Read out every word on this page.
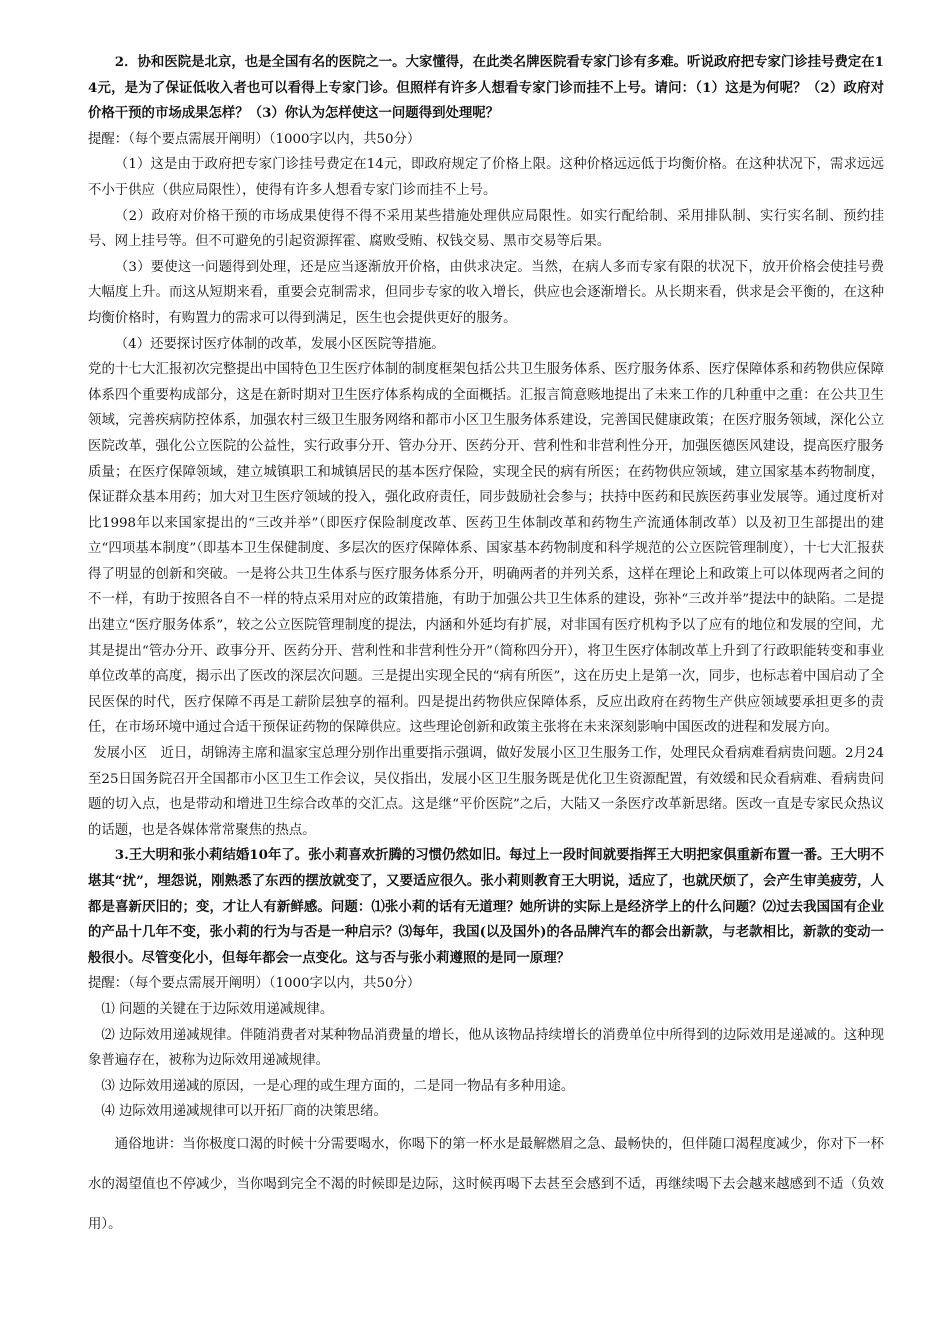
2．协和医院是北京，也是全国有名的医院之一。大家懂得，在此类名牌医院看专家门诊有多难。听说政府把专家门诊挂号费定在14元，是为了保证低收入者也可以看得上专家门诊。但照样有许多人想看专家门诊而挂不上号。请问：（1）这是为何呢？（2）政府对价格干预的市场成果怎样？（3）你认为怎样使这一问题得到处理呢？

提醒：（每个要点需展开阐明）（1000字以内，共50分）

（1）这是由于政府把专家门诊挂号费定在14元，即政府规定了价格上限。这种价格远远低于均衡价格。在这种状况下，需求远远不小于供应（供应局限性），使得有许多人想看专家门诊而挂不上号。

（2）政府对价格干预的市场成果使得不得不采用某些措施处理供应局限性。如实行配给制、采用排队制、实行实名制、预约挂号、网上挂号等。但不可避免的引起资源挥霍、腐败受贿、权钱交易、黑市交易等后果。

（3）要使这一问题得到处理，还是应当逐渐放开价格，由供求决定。当然，在病人多而专家有限的状况下，放开价格会使挂号费大幅度上升。而这从短期来看，重要会克制需求，但同步专家的收入增长，供应也会逐渐增长。从长期来看，供求是会平衡的，在这种均衡价格时，有购置力的需求可以得到满足，医生也会提供更好的服务。

（4）还要探讨医疗体制的改革，发展小区医院等措施。

党的十七大汇报初次完整提出中国特色卫生医疗体制的制度框架包括公共卫生服务体系、医疗服务体系、医疗保障体系和药物供应保障体系四个重要构成部分，这是在新时期对卫生医疗体系构成的全面概括。汇报言简意赅地提出了未来工作的几种重中之重：在公共卫生领域，完善疾病防控体系，加强农村三级卫生服务网络和都市小区卫生服务体系建设，完善国民健康政策；在医疗服务领域，深化公立医院改革，强化公立医院的公益性，实行政事分开、管办分开、医药分开、营利性和非营利性分开，加强医德医风建设，提高医疗服务质量；在医疗保障领域，建立城镇职工和城镇居民的基本医疗保险，实现全民的病有所医；在药物供应领域，建立国家基本药物制度，保证群众基本用药；加大对卫生医疗领域的投入，强化政府责任，同步鼓励社会参与；扶持中医药和民族医药事业发展等。通过度析对比1998年以来国家提出的“三改并举”（即医疗保险制度改革、医药卫生体制改革和药物生产流通体制改革）以及初卫生部提出的建立“四项基本制度”（即基本卫生保健制度、多层次的医疗保障体系、国家基本药物制度和科学规范的公立医院管理制度），十七大汇报获得了明显的创新和突破。一是将公共卫生体系与医疗服务体系分开，明确两者的并列关系，这样在理论上和政策上可以体现两者之间的不一样，有助于按照各自不一样的特点采用对应的政策措施，有助于加强公共卫生体系的建设，弥补“三改并举”提法中的缺陷。二是提出建立“医疗服务体系”，较之公立医院管理制度的提法，内涵和外延均有扩展，对非国有医疗机构予以了应有的地位和发展的空间，尤其是提出“管办分开、政事分开、医药分开、营利性和非营利性分开”（简称四分开），将卫生医疗体制改革上升到了行政职能转变和事业单位改革的高度，揭示出了医改的深层次问题。三是提出实现全民的“病有所医”，这在历史上是第一次，同步，也标志着中国启动了全民医保的时代，医疗保障不再是工薪阶层独享的福利。四是提出药物供应保障体系，反应出政府在药物生产供应领域要承担更多的责任，在市场环境中通过合适干预保证药物的保障供应。这些理论创新和政策主张将在未来深刻影响中国医改的进程和发展方向。

发展小区　近日，胡锦涛主席和温家宝总理分别作出重要指示强调，做好发展小区卫生服务工作，处理民众看病难看病贵问题。2月24至25日国务院召开全国都市小区卫生工作会议，吴仪指出，发展小区卫生服务既是优化卫生资源配置，有效缓和民众看病难、看病贵问题的切入点，也是带动和增进卫生综合改革的交汇点。这是继“平价医院”之后，大陆又一条医疗改革新思绪。医改一直是专家民众热议的话题，也是各媒体常常聚焦的热点。

3.王大明和张小莉结婚10年了。张小莉喜欢折腾的习惯仍然如旧。每过上一段时间就要指挥王大明把家俱重新布置一番。王大明不堪其“扰”，埋怨说，刚熟悉了东西的摆放就变了，又要适应很久。张小莉则教育王大明说，适应了，也就厌烦了，会产生审美疲劳，人都是喜新厌旧的；变，才让人有新鲜感。问题：⑴张小莉的话有无道理？她所讲的实际上是经济学上的什么问题？⑵过去我国国有企业的产品十几年不变，张小莉的行为与否是一种启示？⑶每年，我国(以及国外)的各品牌汽车的都会出新款，与老款相比，新款的变动一般很小。尽管变化小，但每年都会一点变化。这与否与张小莉遵照的是同一原理？

提醒：（每个要点需展开阐明）（1000字以内，共50分）

⑴ 问题的关键在于边际效用递减规律。

⑵ 边际效用递减规律。伴随消费者对某种物品消费量的增长，他从该物品持续增长的消费单位中所得到的边际效用是递减的。这种现象普遍存在，被称为边际效用递减规律。

⑶ 边际效用递减的原因，一是心理的或生理方面的，二是同一物品有多种用途。

⑷ 边际效用递减规律可以开拓厂商的决策思绪。

通俗地讲：当你极度口渴的时候十分需要喝水，你喝下的第一杯水是最解燃眉之急、最畅快的，但伴随口渴程度减少，你对下一杯水的渴望值也不停减少，当你喝到完全不渴的时候即是边际，这时候再喝下去甚至会感到不适，再继续喝下去会越来越感到不适（负效用）。
